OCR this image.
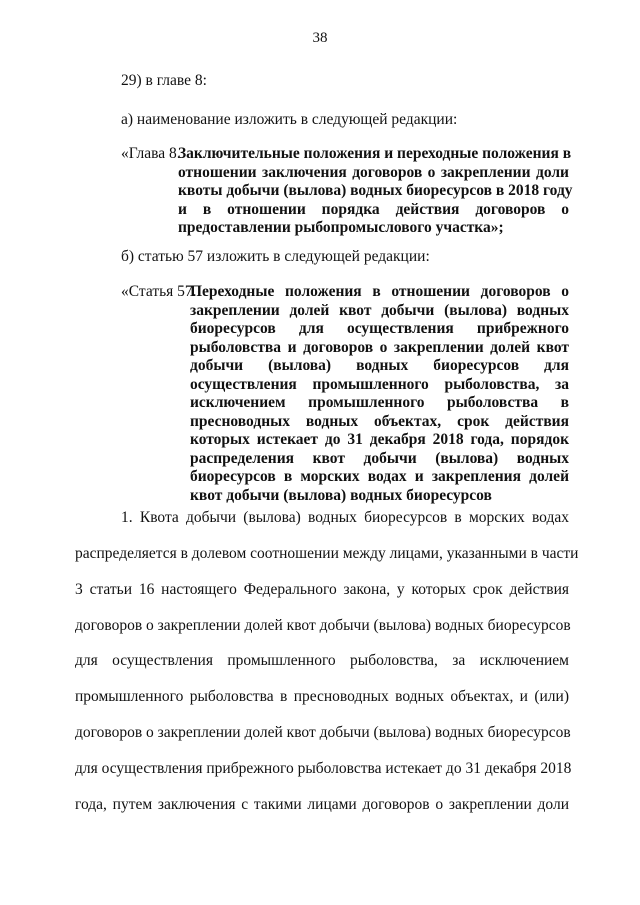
38
29) в главе 8:
а) наименование изложить в следующей редакции:
«Глава 8.
Заключительные положения и переходные положения в
отношении заключения договоров о закреплении доли
квоты добычи (вылова) водных биоресурсов в 2018 году
и в отношении порядка действия договоров о
предоставлении рыбопромыслового участка»;
б) статью 57 изложить в следующей редакции:
«Статья 57.
Переходные положения в отношении договоров о
закреплении долей квот добычи (вылова) водных
биоресурсов для осуществления прибрежного
рыболовства и договоров о закреплении долей квот
добычи (вылова) водных биоресурсов для
осуществления промышленного рыболовства, за
исключением промышленного рыболовства в
пресноводных водных объектах, срок действия
которых истекает до 31 декабря 2018 года, порядок
распределения квот добычи (вылова) водных
биоресурсов в морских водах и закрепления долей
квот добычи (вылова) водных биоресурсов
1. Квота добычи (вылова) водных биоресурсов в морских водах
распределяется в долевом соотношении между лицами, указанными в части
3 статьи 16 настоящего Федерального закона, у которых срок действия
договоров о закреплении долей квот добычи (вылова) водных биоресурсов
для осуществления промышленного рыболовства, за исключением
промышленного рыболовства в пресноводных водных объектах, и (или)
договоров о закреплении долей квот добычи (вылова) водных биоресурсов
для осуществления прибрежного рыболовства истекает до 31 декабря 2018
года, путем заключения с такими лицами договоров о закреплении доли
